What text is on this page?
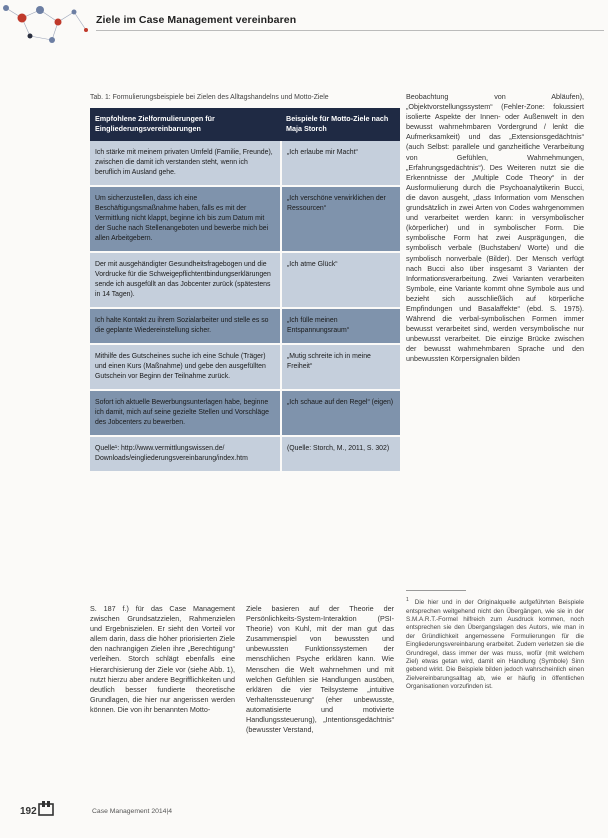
Ziele im Case Management vereinbaren
Tab. 1: Formulierungsbeispiele bei Zielen des Alltagshandelns und Motto-Ziele
Empfohlene Zielformulierungen für Eingliederungsvereinbarungen	Beispiele für Motto-Ziele nach Maja Storch
Ich stärke mit meinem privaten Umfeld (Familie, Freunde), zwischen die damit ich verstanden steht, wenn ich beruflich im Ausland gehe.	„Ich erlaube mir Macht“
Um sicherzustellen, dass ich eine Beschäftigungsmaßnahme haben, falls es mit der Vermittlung nicht klappt, beginne ich bis zum Datum mit der Suche nach Stellenangeboten und bewerbe mich bei allen Arbeitgebern.	„Ich verschöne verwirklichen der Ressourcen“
Der mit ausgehändigter Gesundheitsfragebogen und die Vordrucke für die Schweigepflichtentbindungserklärungen sende ich ausgefüllt an das Jobcenter zurück (spätestens in 14 Tagen).	„Ich atme Glück“
Ich halte Kontakt zu ihrem Sozialarbeiter und stelle es so die geplante Wiedereinstellung sicher.	„Ich fülle meinen Entspannungsraum“
Mithilfe des Gutscheines suche ich eine Schule (Träger) und einen Kurs (Maßnahme) und gebe den ausgefüllten Gutschein vor Beginn der Teilnahme zurück.	„Mutig schreite ich in meine Freiheit“
Sofort ich aktuelle Bewerbungsunterlagen habe, beginne ich damit, mich auf seine gezielte Stellen und Vorschläge des Jobcenters zu bewerben.	„Ich schaue auf den Regel“ (eigen)
Quelle¹: http://www.vermittlungswissen.de/ Downloads/eingliederungsvereinbarung/index.htm	(Quelle: Storch, M., 2011, S. 302)
Beobachtung von Abläufen), „Objektvorstellungssystem“ (Fehler-Zone: fokussiert isolierte Aspekte der Innen- oder Außenwelt in den bewusst wahrnehmbaren Vordergrund / lenkt die Aufmerksamkeit) und das „Extensionsgedächtnis“ (auch Selbst: parallele und ganzheitliche Verarbeitung von Gefühlen, Wahrnehmungen, „Erfahrungsgedächtnis“). Des Weiteren nutzt sie die Erkenntnisse der „Multiple Code Theory“ in der Ausformulierung durch die Psychoanalytikerin Bucci, die davon ausgeht, „dass Information vom Menschen grundsätzlich in zwei Arten von Codes wahrgenommen und verarbeitet werden kann: in versymbolischer (körperlicher) und in symbolischer Form. Die symbolische Form hat zwei Ausprägungen, die symbolisch verbale (Buchstaben/ Worte) und die symbolisch nonverbale (Bilder). Der Mensch verfügt nach Bucci also über insgesamt 3 Varianten der Informationsverarbeitung. Zwei Varianten verarbeiten Symbole, eine Variante kommt ohne Symbole aus und bezieht sich ausschließlich auf körperliche Empfindungen und Basalaffekte“ (ebd. S. 1975). Während die verbal-symbolischen Formen immer bewusst verarbeitet sind, werden versymbolische nur unbewusst verarbeitet. Die einzige Brücke zwischen der bewusst wahrnehmbaren Sprache und den unbewussten Körpersignalen bilden
$^1$ Die hier und in der Originalquelle aufgeführten Beispiele entsprechen weitgehend nicht den Übergängen, wie sie in der S.M.A.R.T.-Formel hilfreich zum Ausdruck kommen, noch entsprechen sie den Übergangslagen des Autors, wie man in der Gründlichkeit angemessene Formulierungen für die Eingliederungsvereinbarung erarbeitet. Zudem verletzen sie die Grundregel, dass immer der was muss, wofür (mit welchem Ziel) etwas getan wird, damit ein Handlung (Symbole) Sinn gebend wirkt. Die Beispiele bilden jedoch wahrscheinlich einen Zielvereinbarungsalltag ab, wie er häufig in öffentlichen Organisationen vorzufinden ist.
S. 187 f.) für das Case Management zwischen Grundsatzzielen, Rahmenzielen und Ergebniszielen. Er sieht den Vorteil vor allem darin, dass die höher priorisierten Ziele den nachrangigen Zielen ihre „Berechtigung“ verleihen. Storch schlägt ebenfalls eine Hierarchisierung der Ziele vor (siehe Abb. 1), nutzt hierzu aber andere Begrifflichkeiten und deutlich besser fundierte theoretische Grundlagen, die hier nur angerissen werden können. Die von ihr benannten Motto-
Ziele basieren auf der Theorie der Persönlichkeits-System-Interaktion (PSI-Theorie) von Kuhl, mit der man gut das Zusammenspiel von bewussten und unbewussten Funktionssystemen der menschlichen Psyche erklären kann. Wie Menschen die Welt wahrnehmen und mit welchen Gefühlen sie Handlungen ausüben, erklären die vier Teilsysteme „intuitive Verhaltenssteuerung“ (eher unbewusste, automatisierte und motivierte Handlungssteuerung), „Intentionsgedächtnis“ (bewusster Verstand,
192	Case Management 2014|4
